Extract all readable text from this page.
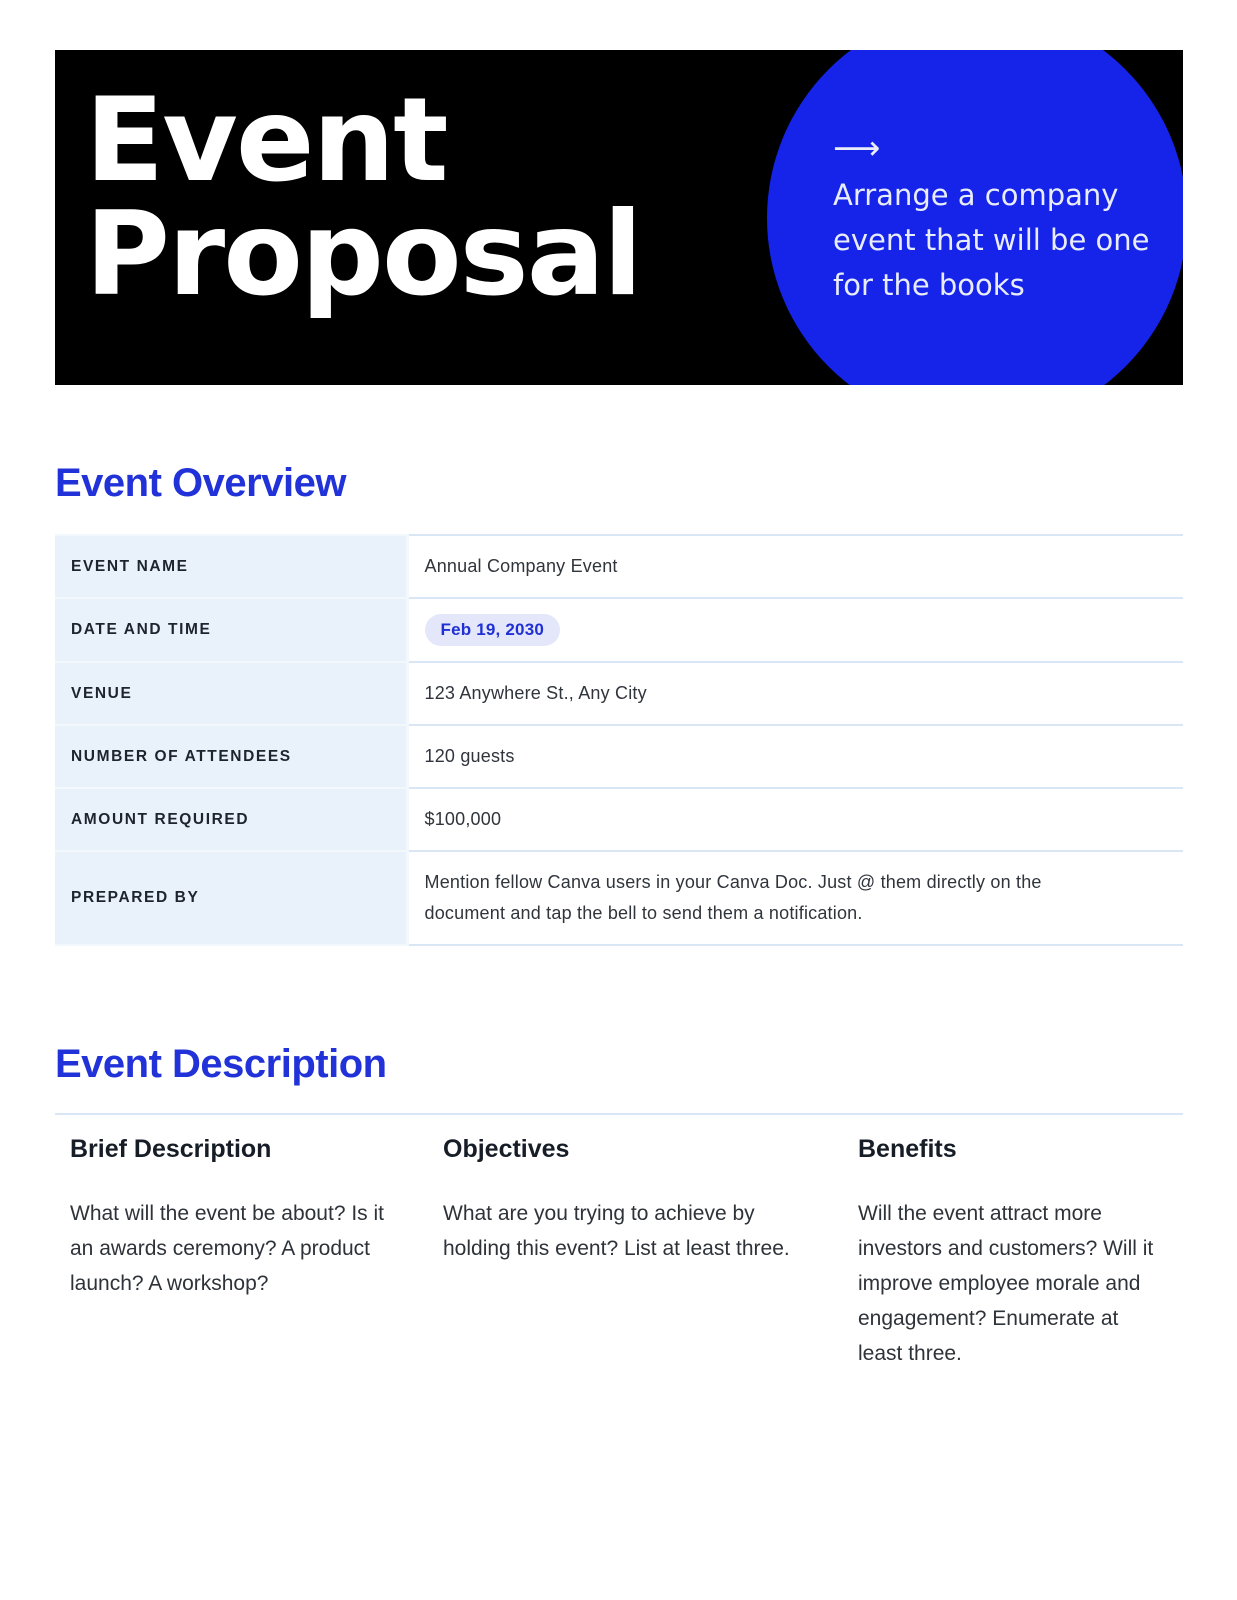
Event
Proposal
⟶

Arrange a company event that will be one for the books

Event Overview
EVENT NAME	Annual Company Event

DATE AND TIME	Feb 19, 2030
VENUE	123 Anywhere St., Any City

NUMBER OF ATTENDEES	120 guests

AMOUNT REQUIRED	$100,000

PREPARED BY	Mention fellow Canva users in your Canva Doc. Just @ them directly on the document and tap the bell to send them a notification.
Event Description
Brief Description

What will the event be about? Is it an awards ceremony? A product launch? A workshop?

Objectives

What are you trying to achieve by holding this event? List at least three.

Benefits

Will the event attract more investors and customers? Will it improve employee morale and engagement? Enumerate at least three.
